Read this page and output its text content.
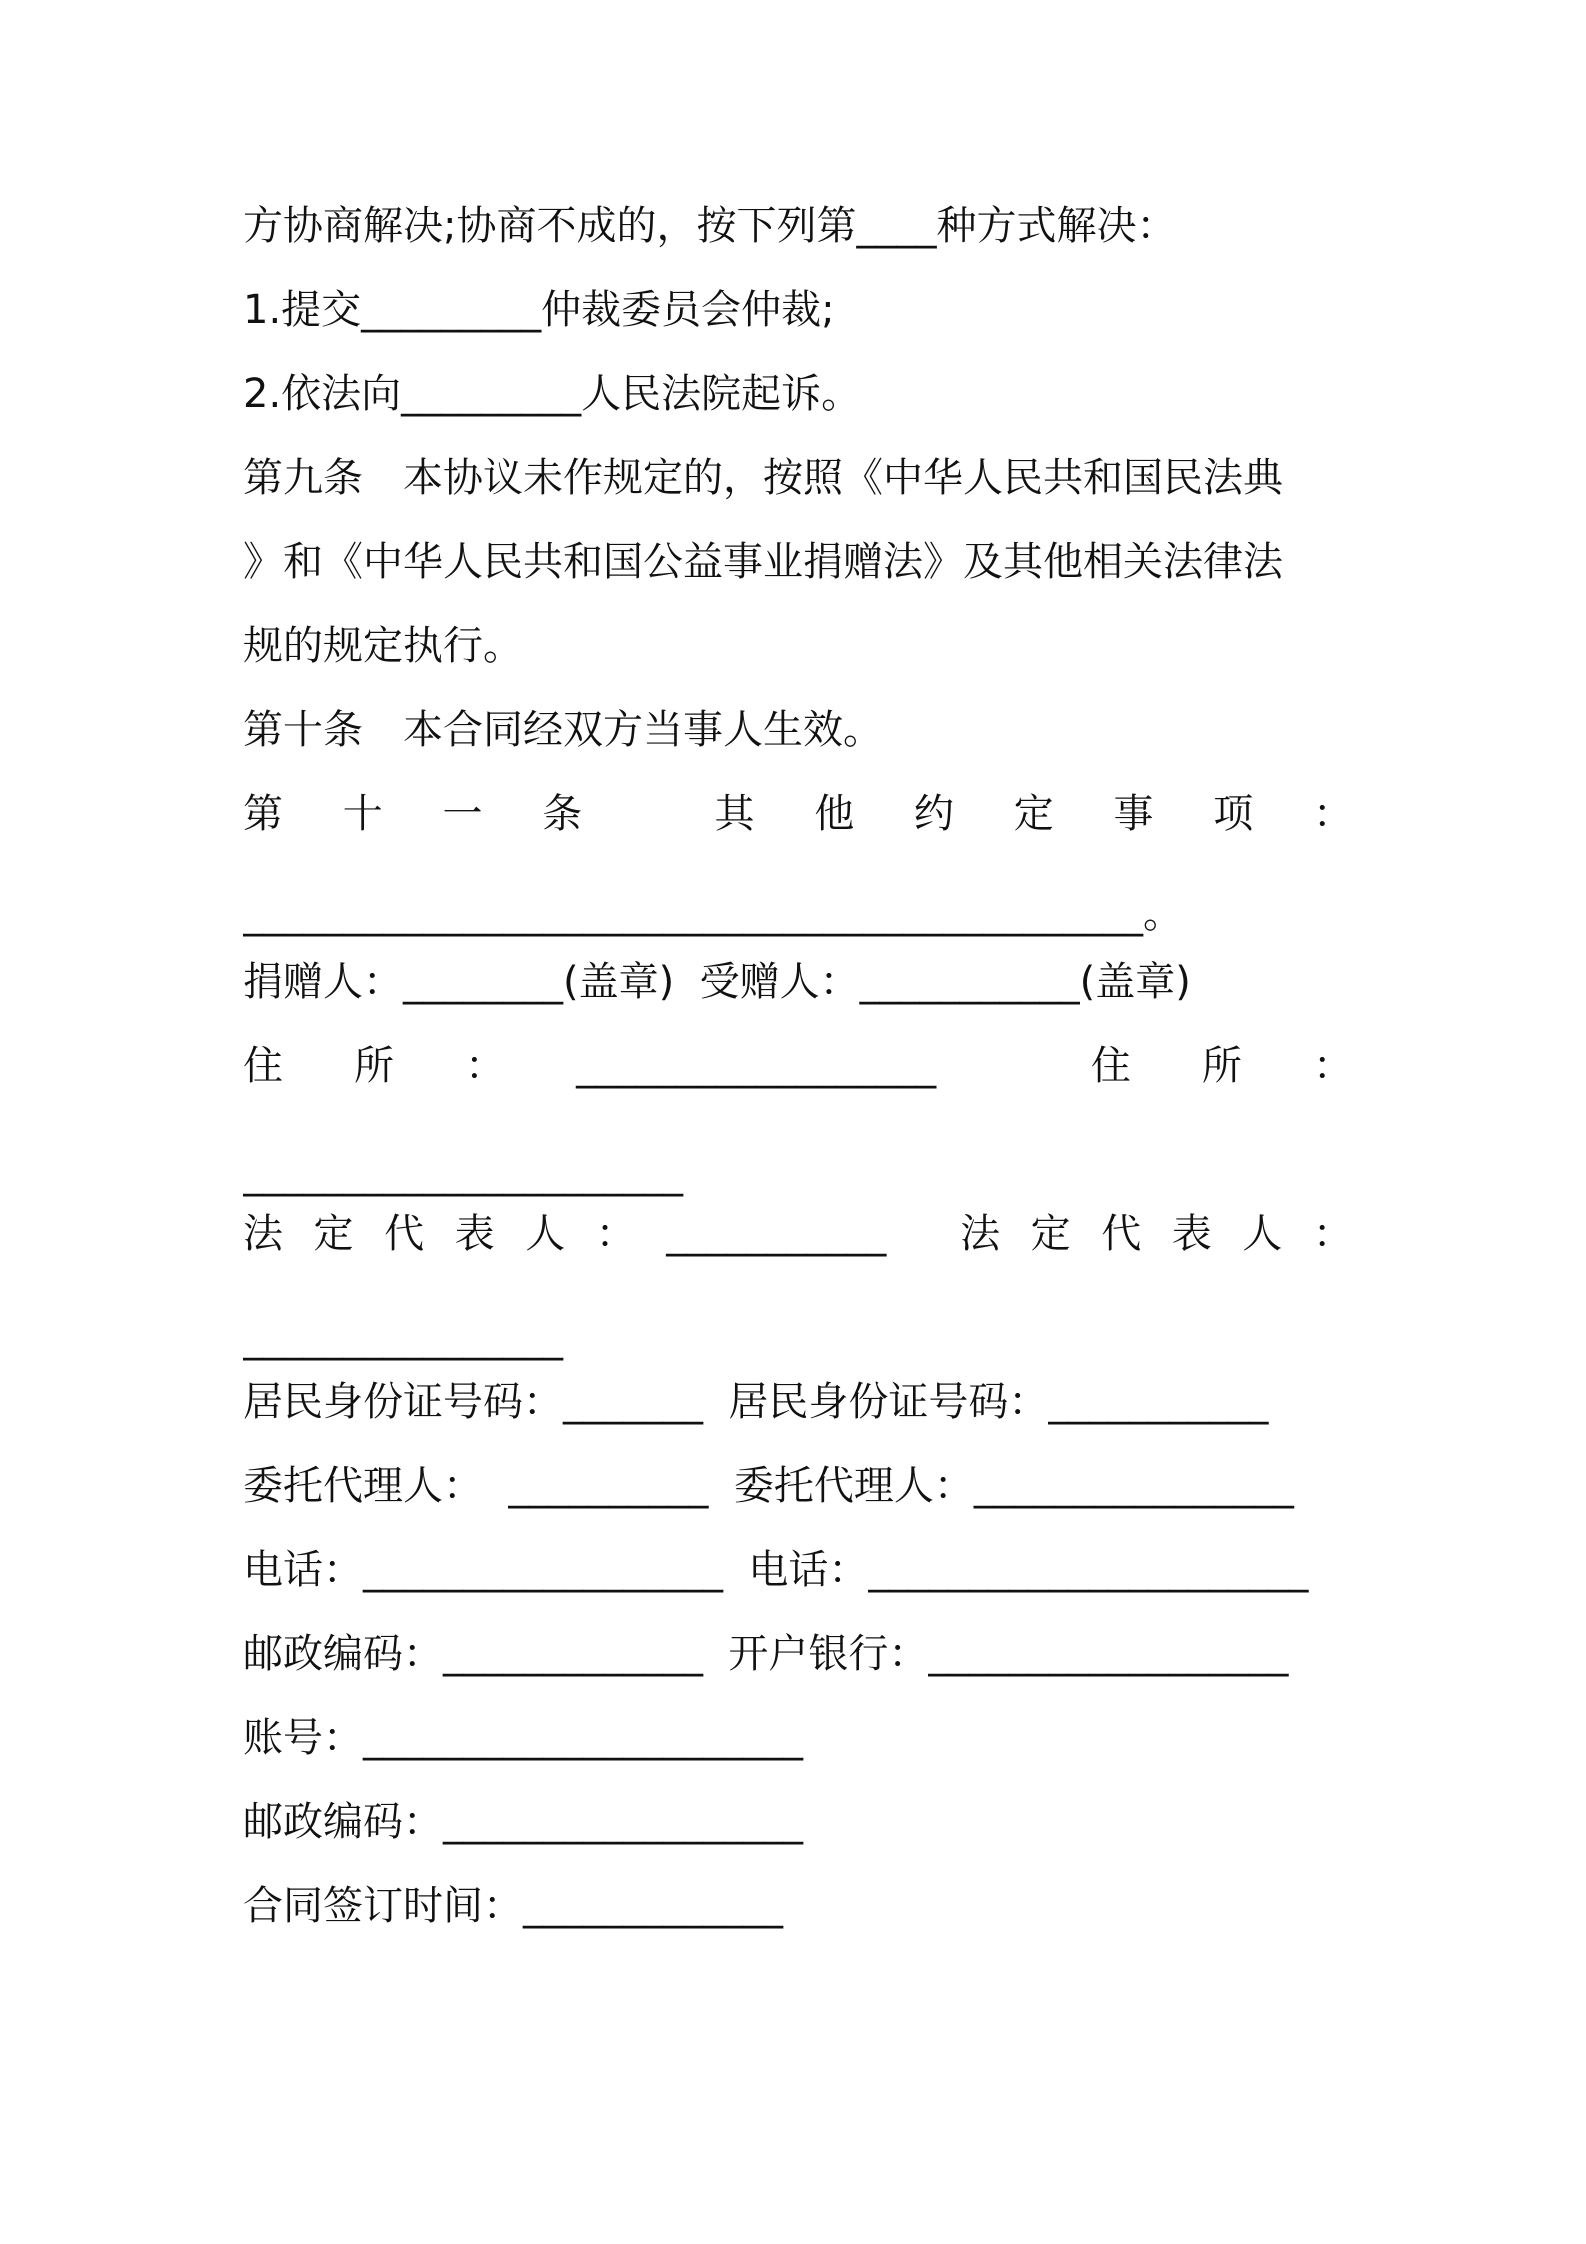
方协商解决;协商不成的，按下列第____种方式解决：
1.提交_________仲裁委员会仲裁;
2.依法向_________人民法院起诉。
第九条　本协议未作规定的，按照《中华人民共和国民法典
》和《中华人民共和国公益事业捐赠法》及其他相关法律法
规的规定执行。
第十条　本合同经双方当事人生效。
第 十 一 条
	其 他 约 定 事 项 ：
_____________________________________________。
捐赠人：________(盖章)  受赠人：___________(盖章)
住 所 ： __________________
	住 所 ：
______________________
法 定 代 表 人 ： ___________
法 定 代 表 人 ：
________________
居民身份证号码：_______  居民身份证号码：___________
委托代理人：  __________  委托代理人：________________
电话：__________________  电话：______________________
邮政编码：_____________  开户银行：__________________
账号：______________________
邮政编码：__________________
合同签订时间：_____________
